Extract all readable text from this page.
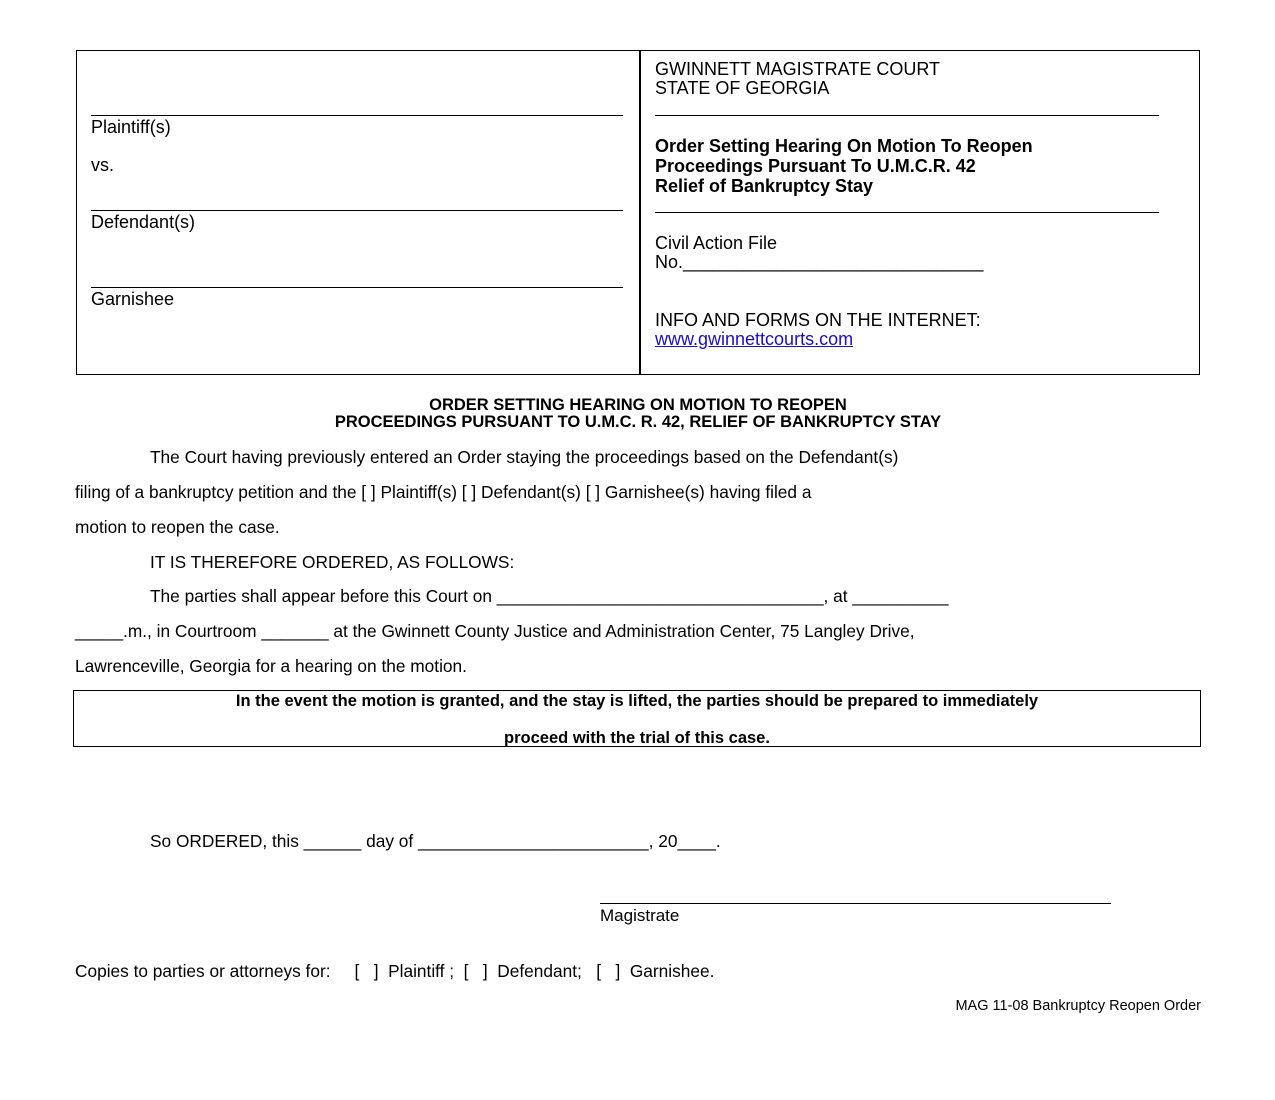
Plaintiff(s)
vs.
Defendant(s)
Garnishee
GWINNETT MAGISTRATE COURT
STATE OF GEORGIA
Order Setting Hearing On Motion To Reopen
Proceedings Pursuant To U.M.C.R. 42
Relief of Bankruptcy Stay
Civil Action File
No.______________________________
INFO AND FORMS ON THE INTERNET:
www.gwinnettcourts.com
ORDER SETTING HEARING ON MOTION TO REOPEN
PROCEEDINGS PURSUANT TO U.M.C. R. 42, RELIEF OF BANKRUPTCY STAY
The Court having previously entered an Order staying the proceedings based on the Defendant(s)
filing of a bankruptcy petition and the [ ] Plaintiff(s) [ ] Defendant(s) [ ] Garnishee(s) having filed a
motion to reopen the case.
IT IS THEREFORE ORDERED, AS FOLLOWS:
The parties shall appear before this Court on __________________________________, at __________
_____.m., in Courtroom _______ at the Gwinnett County Justice and Administration Center, 75 Langley Drive,
Lawrenceville, Georgia for a hearing on the motion.
In the event the motion is granted, and the stay is lifted, the parties should be prepared to immediately
proceed with the trial of this case.
So ORDERED, this ______ day of ________________________, 20____.
Magistrate
Copies to parties or attorneys for:     [   ]  Plaintiff ;  [   ]  Defendant;   [   ]  Garnishee.
MAG 11-08 Bankruptcy Reopen Order
